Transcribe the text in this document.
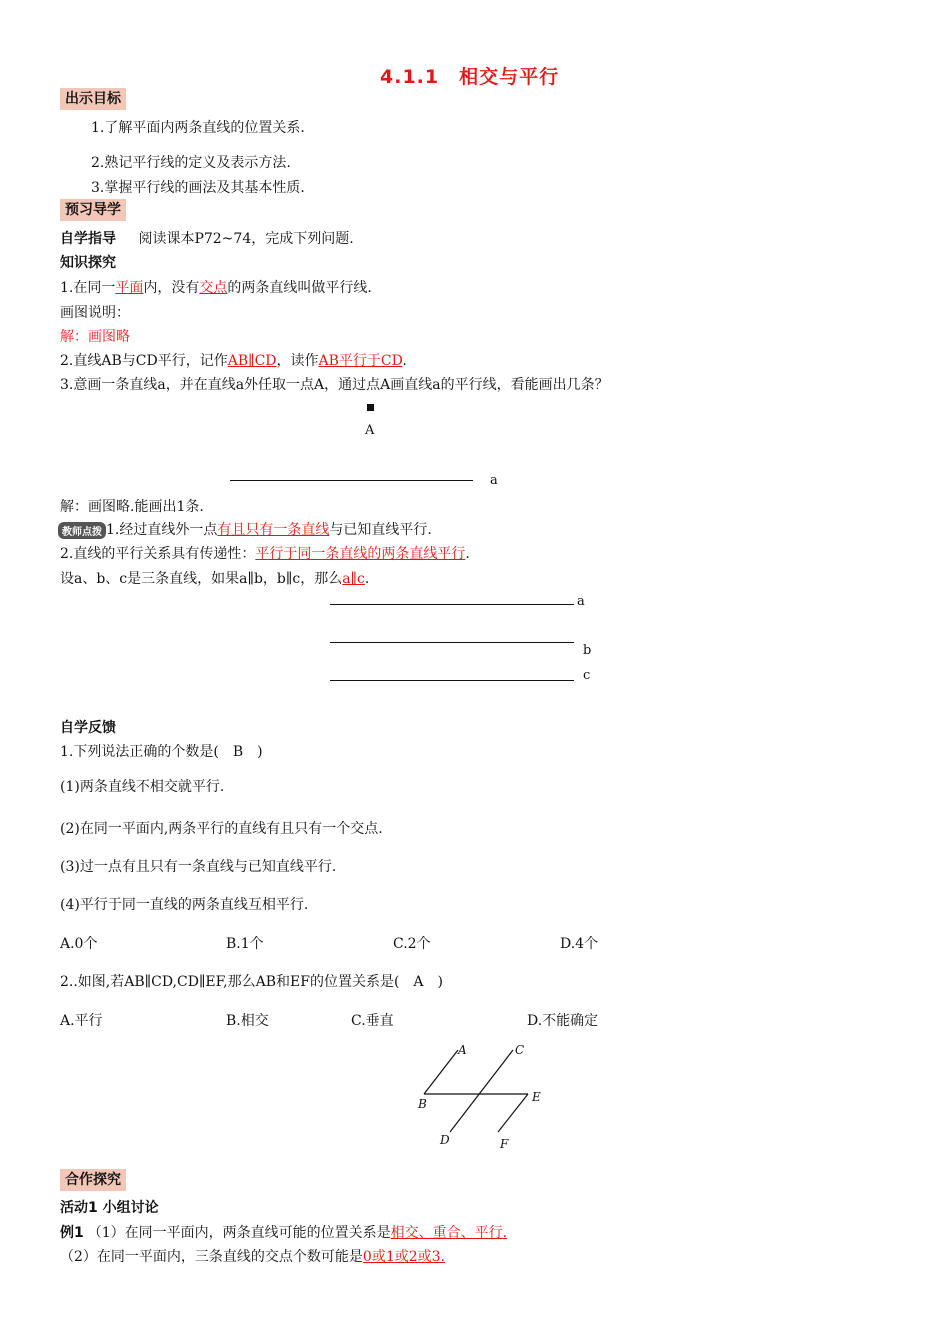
4.1.1　相交与平行
出示目标
1.了解平面内两条直线的位置关系.
2.熟记平行线的定义及表示方法.
3.掌握平行线的画法及其基本性质.
预习导学
自学指导 阅读课本P72~74，完成下列问题.
知识探究
1.在同一平面内，没有交点的两条直线叫做平行线.
画图说明：
解：画图略
2.直线AB与CD平行，记作AB∥CD，读作AB平行于CD.
3.意画一条直线a，并在直线a外任取一点A，通过点A画直线a的平行线，看能画出几条？
A
a
解：画图略.能画出1条.
教师点拨 1.经过直线外一点有且只有一条直线与已知直线平行.
2.直线的平行关系具有传递性：平行于同一条直线的两条直线平行.
设a、b、c是三条直线，如果a∥b，b∥c，那么a∥c.
a
b
c
自学反馈
1.下列说法正确的个数是(　B　)
(1)两条直线不相交就平行.
(2)在同一平面内,两条平行的直线有且只有一个交点.
(3)过一点有且只有一条直线与已知直线平行.
(4)平行于同一直线的两条直线互相平行.
A.0个	B.1个	C.2个	D.4个
2..如图,若AB∥CD,CD∥EF,那么AB和EF的位置关系是(　A　)
A.平行	B.相交	C.垂直	D.不能确定
A	C
B	E
D	F
合作探究
活动1 小组讨论
例1 （1）在同一平面内，两条直线可能的位置关系是相交、重合、平行.
（2）在同一平面内，三条直线的交点个数可能是0或1或2或3.
